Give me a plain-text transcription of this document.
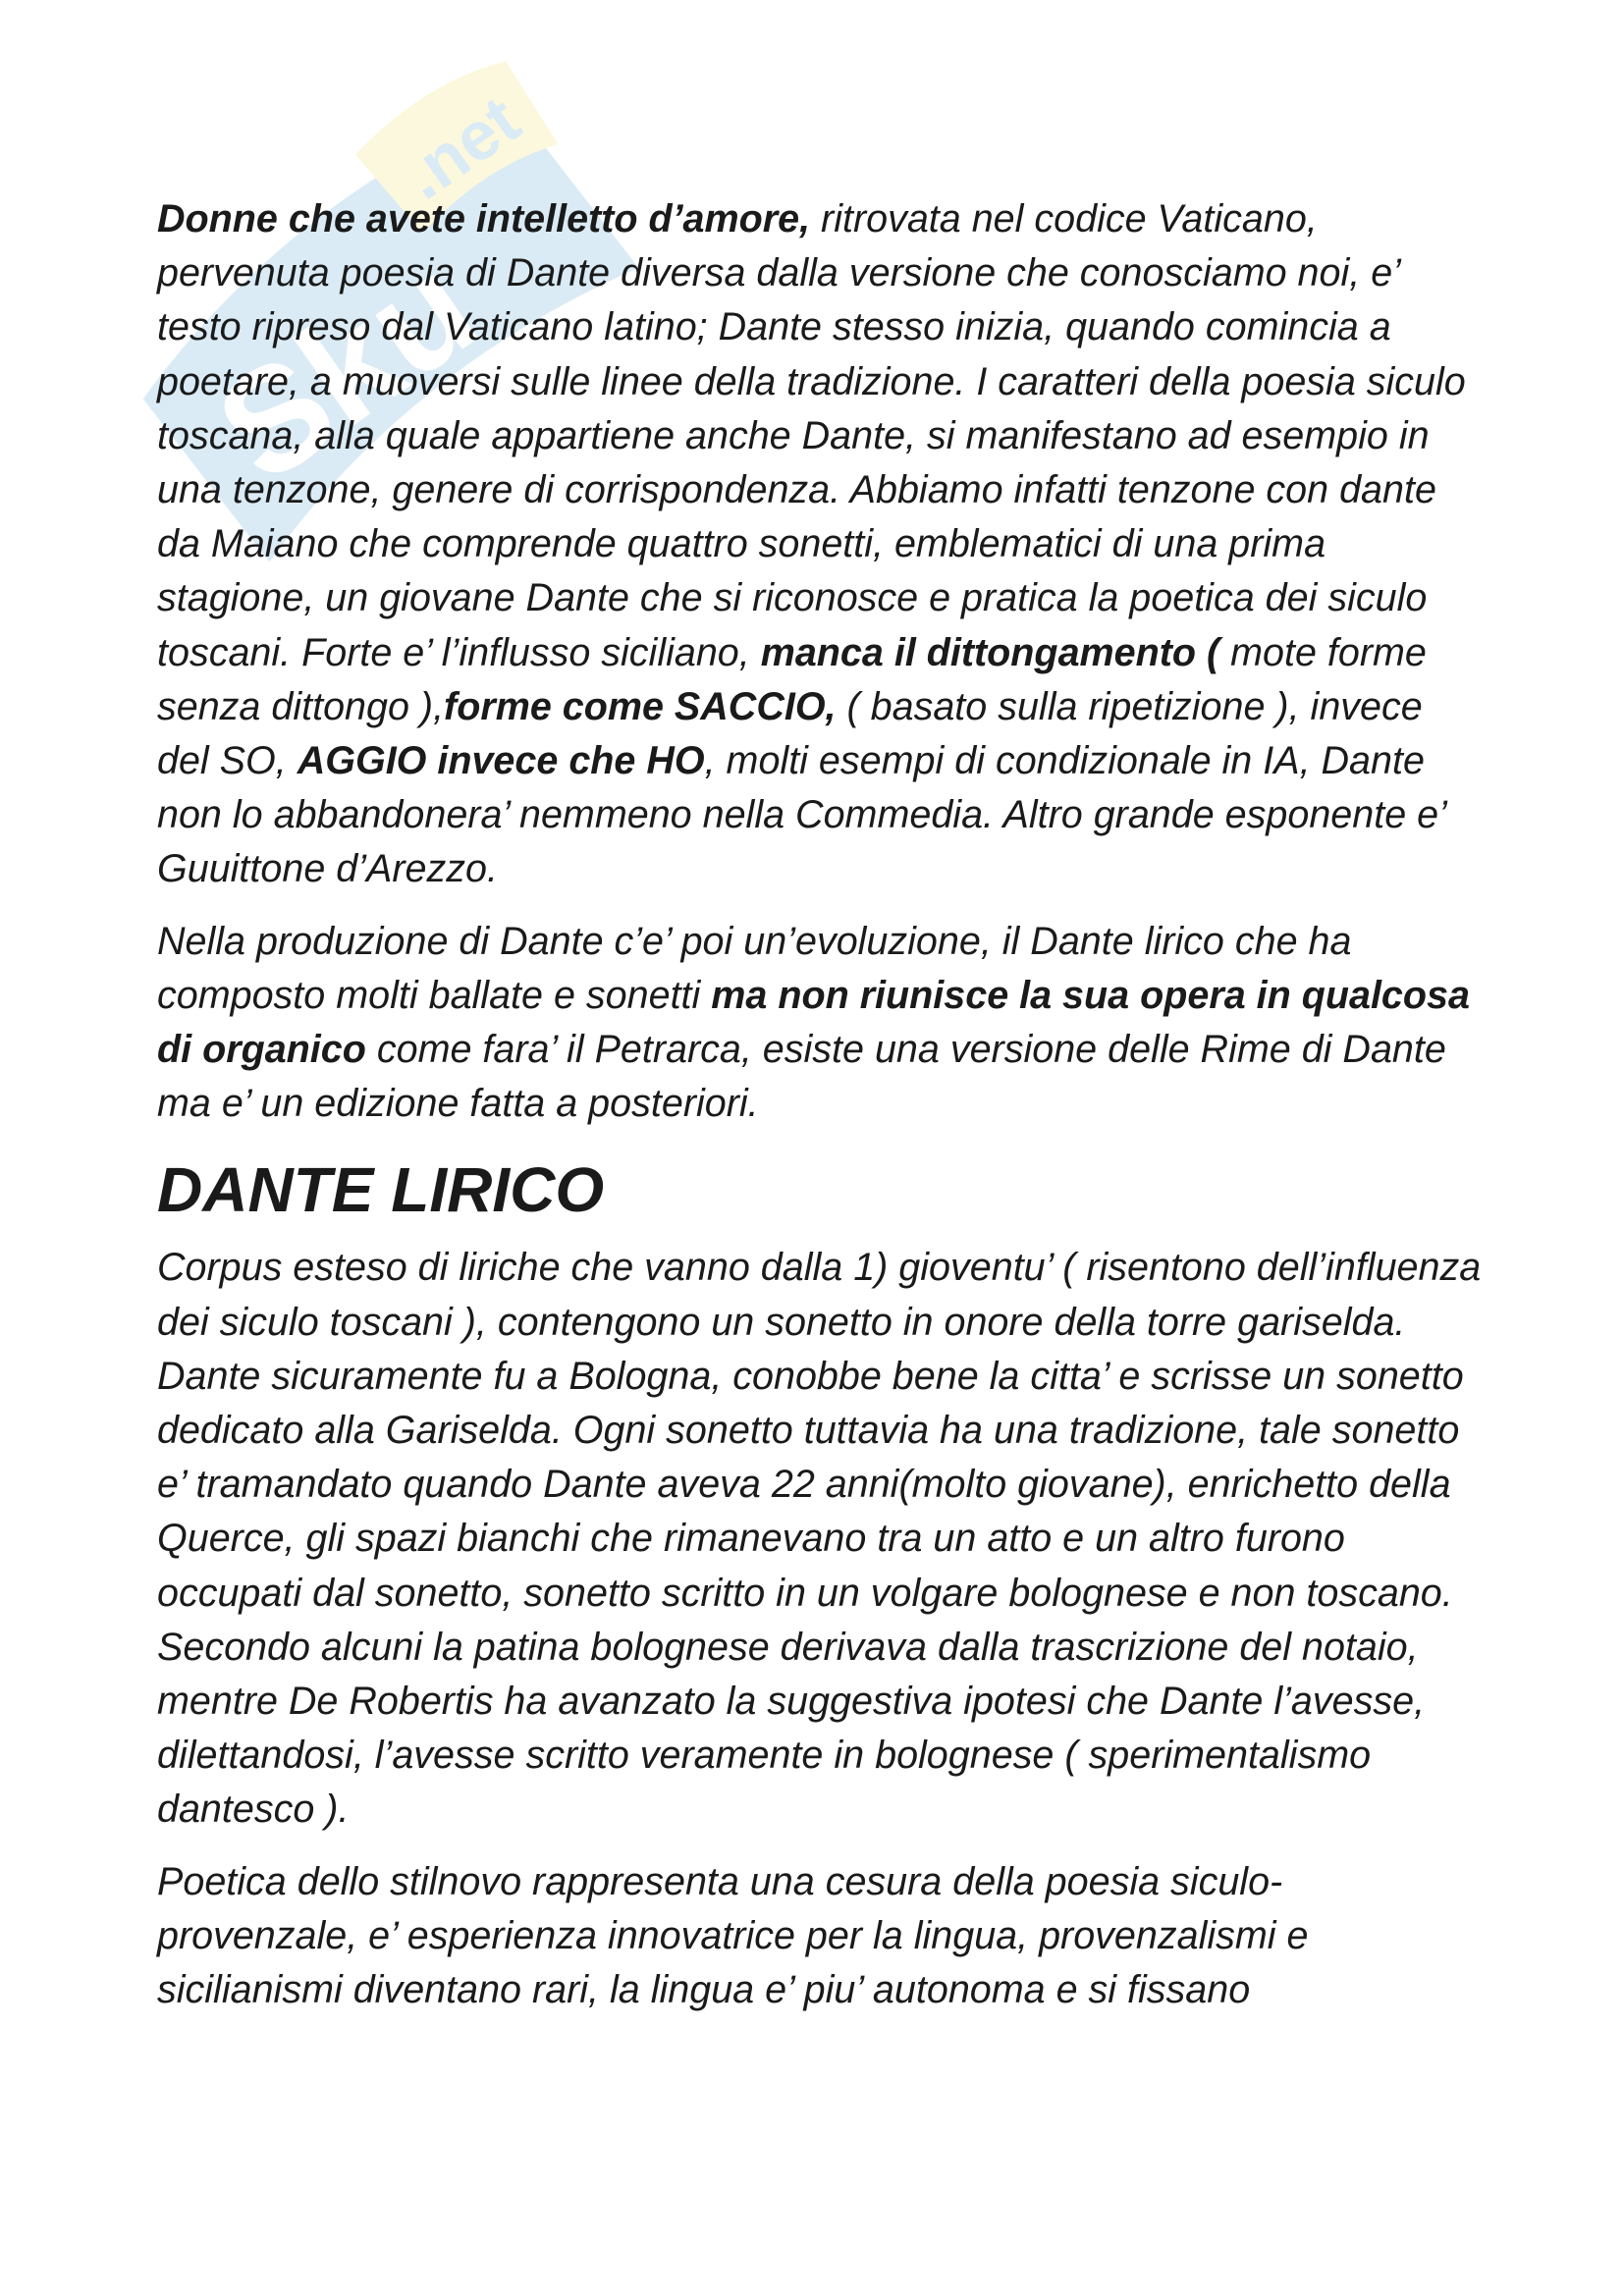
Sku
.net

Donne che avete intelletto d’amore, ritrovata nel codice Vaticano, pervenuta poesia di Dante diversa dalla versione che conosciamo noi, e’ testo ripreso dal Vaticano latino; Dante stesso inizia, quando comincia a poetare, a muoversi sulle linee della tradizione. I caratteri della poesia siculo toscana, alla quale appartiene anche Dante, si manifestano ad esempio in una tenzone, genere di corrispondenza. Abbiamo infatti tenzone con dante da Maiano che comprende quattro sonetti, emblematici di una prima stagione, un giovane Dante che si riconosce e pratica la poetica dei siculo toscani. Forte e’ l’influsso siciliano, manca il dittongamento ( mote forme senza dittongo ),forme come SACCIO, ( basato sulla ripetizione ), invece del SO, AGGIO invece che HO, molti esempi di condizionale in IA, Dante non lo abbandonera’ nemmeno nella Commedia. Altro grande esponente e’ Guuittone d’Arezzo.

Nella produzione di Dante c’e’ poi un’evoluzione, il Dante lirico che ha composto molti ballate e sonetti ma non riunisce la sua opera in qualcosa di organico come fara’ il Petrarca, esiste una versione delle Rime di Dante ma e’ un edizione fatta a posteriori.

DANTE LIRICO

Corpus esteso di liriche che vanno dalla 1) gioventu’ ( risentono dell’influenza dei siculo toscani ), contengono un sonetto in onore della torre gariselda. Dante sicuramente fu a Bologna, conobbe bene la citta’ e scrisse un sonetto dedicato alla Gariselda. Ogni sonetto tuttavia ha una tradizione, tale sonetto e’ tramandato quando Dante aveva 22 anni(molto giovane), enrichetto della Querce, gli spazi bianchi che rimanevano tra un atto e un altro furono occupati dal sonetto, sonetto scritto in un volgare bolognese e non toscano. Secondo alcuni la patina bolognese derivava dalla trascrizione del notaio, mentre De Robertis ha avanzato la suggestiva ipotesi che Dante l’avesse, dilettandosi, l’avesse scritto veramente in bolognese ( sperimentalismo dantesco ).

Poetica dello stilnovo rappresenta una cesura della poesia siculo-provenzale, e’ esperienza innovatrice per la lingua, provenzalismi e sicilianismi diventano rari, la lingua e’ piu’ autonoma e si fissano
